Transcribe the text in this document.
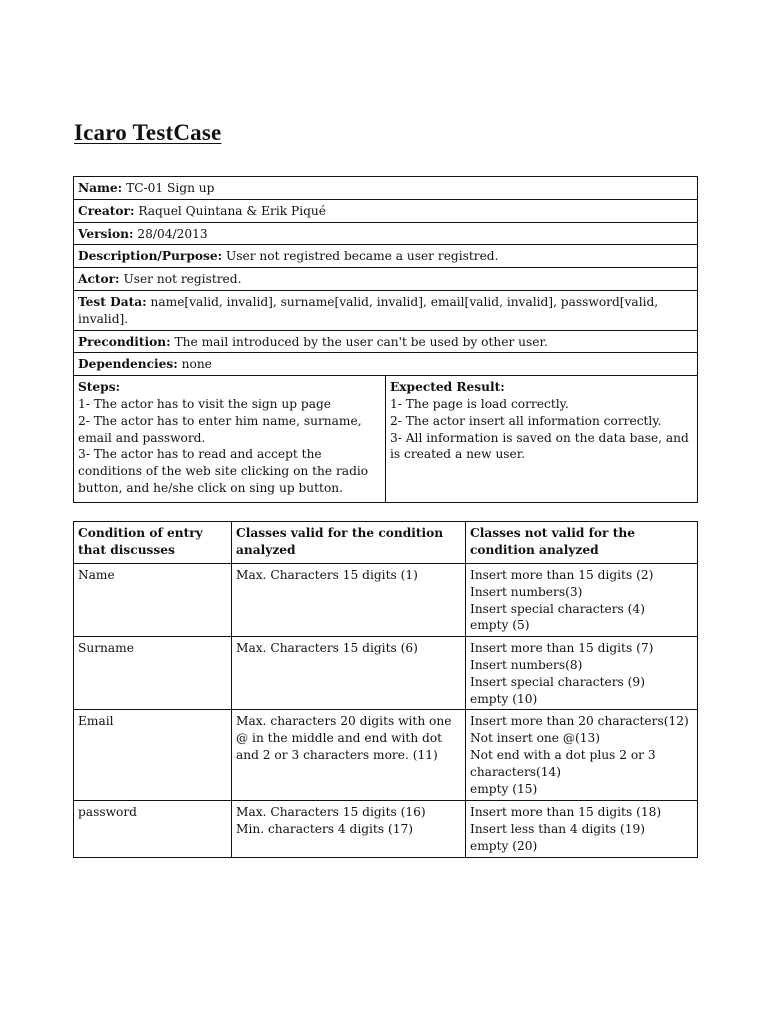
Icaro TestCase
Name: TC-01 Sign up
Creator: Raquel Quintana & Erik Piqué
Version: 28/04/2013
Description/Purpose: User not registred became a user registred.
Actor: User not registred.
Test Data: name[valid, invalid], surname[valid, invalid], email[valid, invalid], password[valid, invalid].
Precondition: The mail introduced by the user can't be used by other user.
Dependencies: none

Steps:
1- The actor has to visit the sign up page
2- The actor has to enter him name, surname, email and password.
3- The actor has to read and accept the conditions of the web site clicking on the radio button, and he/she click on sing up button.

Expected Result:
1- The page is load correctly.
2- The actor insert all information correctly.
3- All information is saved on the data base, and is created a new user.
Condition of entry that discusses	Classes valid for the condition analyzed	Classes not valid for the condition analyzed
Name	Max. Characters 15 digits (1)	Insert more than 15 digits (2)
Insert numbers(3)
Insert special characters (4)
empty (5)

Surname	Max. Characters 15 digits (6)	Insert more than 15 digits (7)
Insert numbers(8)
Insert special characters (9)
empty (10)

Email	Max. characters 20 digits with one @ in the middle and end with dot and 2 or 3 characters more. (11)	Insert more than 20 characters(12)
Not insert one @(13)
Not end with a dot plus 2 or 3 characters(14)
empty (15)

password	Max. Characters 15 digits (16)
Min. characters 4 digits (17)	Insert more than 15 digits (18)
Insert less than 4 digits (19)
empty (20)
